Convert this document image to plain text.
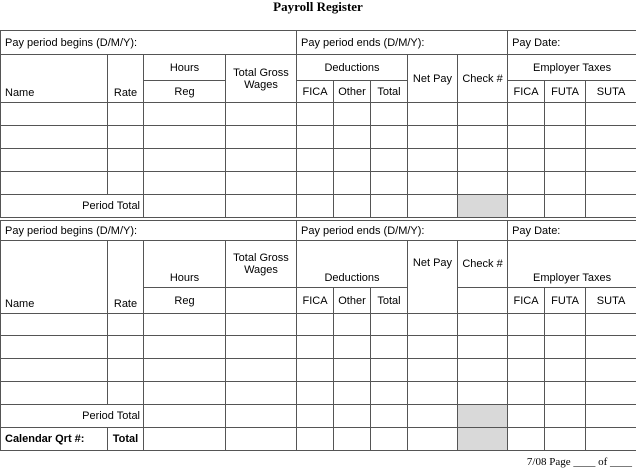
Payroll Register
Pay period begins (D/M/Y):				Pay period ends (D/M/Y):					Pay Date:		
Name	Rate	Hours	Total Gross Wages	Deductions			Net Pay	Check #	Employer Taxes		
		Reg		FICA	Other	Total			FICA	FUTA	SUTA

Period Total											
Pay period begins (D/M/Y):				Pay period ends (D/M/Y):					Pay Date:		
Name	Rate	Hours	Total Gross Wages	Deductions			Net Pay	Check #	Employer Taxes		
		Reg		FICA	Other	Total			FICA	FUTA	SUTA

Period Total											
Calendar Qrt #:	Total										
7/08 Page ____ of ____
